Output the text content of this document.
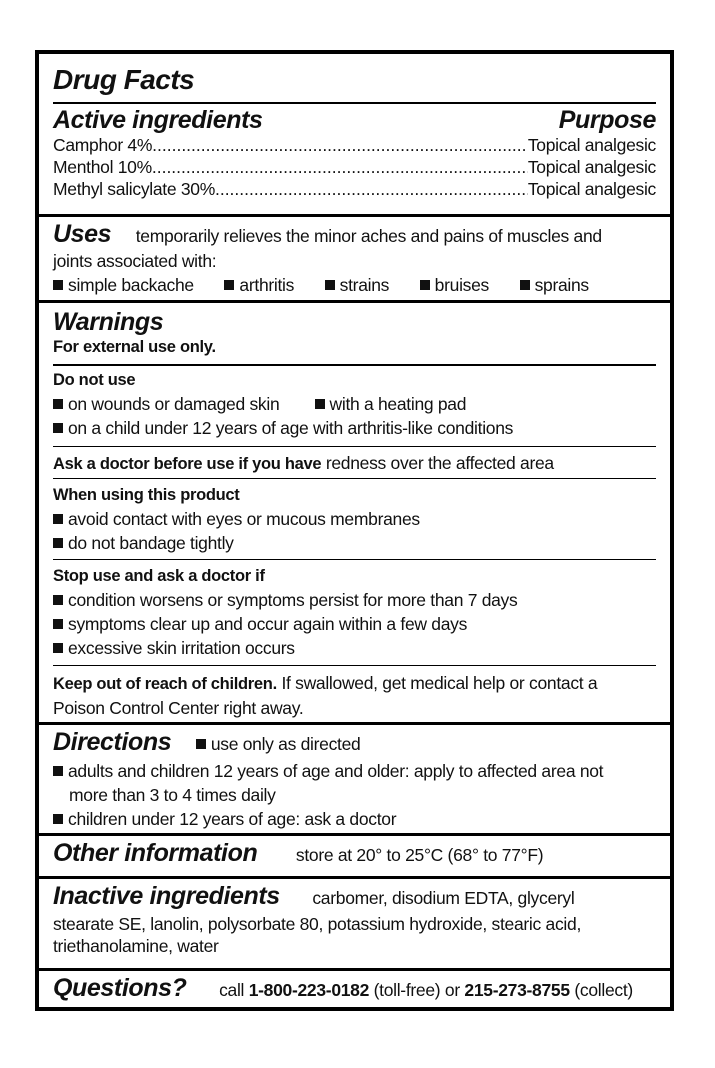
Drug Facts
Active ingredients	Purpose
Camphor 4% .....	Topical analgesic
Menthol 10% .....	Topical analgesic
Methyl salicylate 30% .....	Topical analgesic
Uses temporarily relieves the minor aches and pains of muscles and
joints associated with:
simple backache	arthritis	strains	bruises	sprains
Warnings
For external use only.
Do not use
on wounds or damaged skin	with a heating pad
on a child under 12 years of age with arthritis-like conditions
Ask a doctor before use if you have redness over the affected area
When using this product
avoid contact with eyes or mucous membranes
do not bandage tightly
Stop use and ask a doctor if
condition worsens or symptoms persist for more than 7 days
symptoms clear up and occur again within a few days
excessive skin irritation occurs
Keep out of reach of children. If swallowed, get medical help or contact a
Poison Control Center right away.
Directions use only as directed
adults and children 12 years of age and older: apply to affected area not
more than 3 to 4 times daily
children under 12 years of age: ask a doctor
Other information store at 20° to 25°C (68° to 77°F)
Inactive ingredients carbomer, disodium EDTA, glyceryl
stearate SE, lanolin, polysorbate 80, potassium hydroxide, stearic acid,
triethanolamine, water
Questions? call 1-800-223-0182 (toll-free) or 215-273-8755 (collect)
